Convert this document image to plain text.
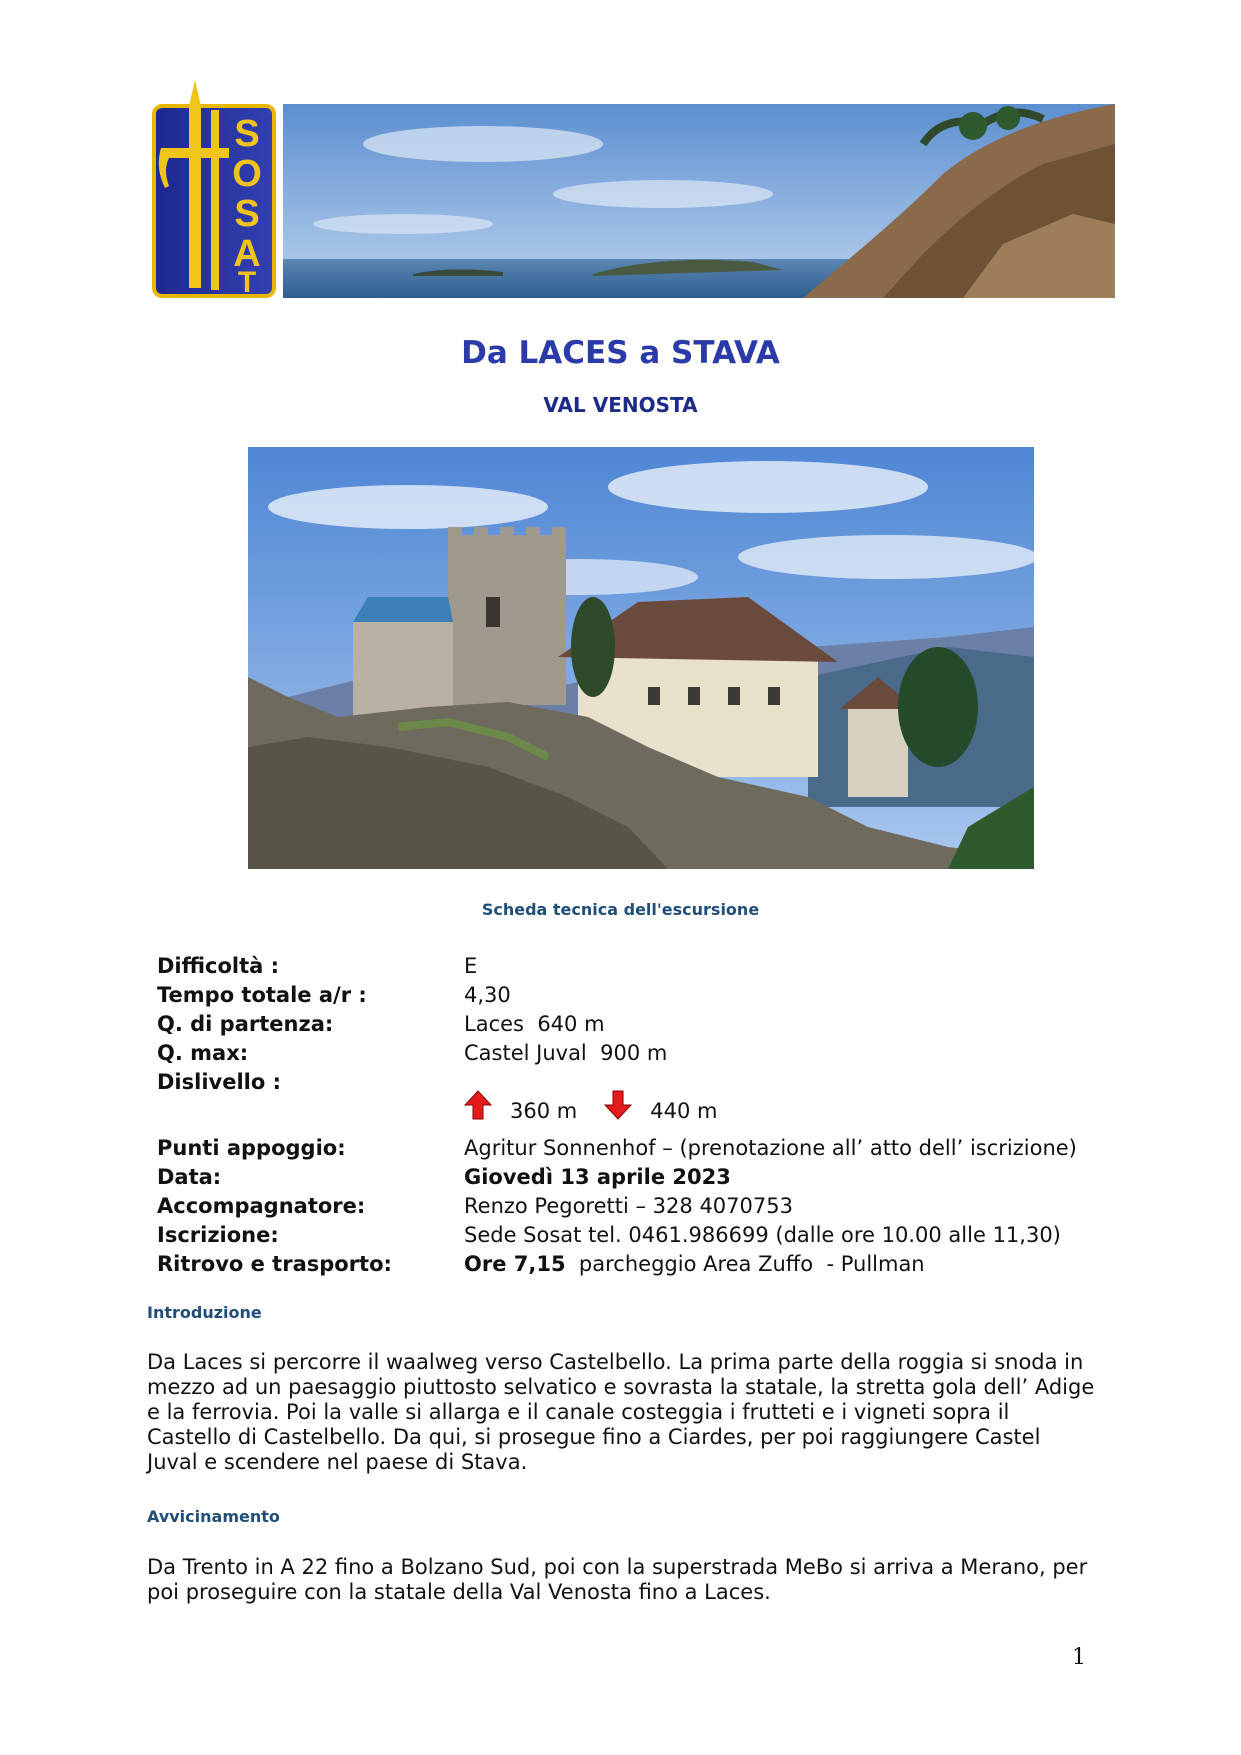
S
O
S
A
T
Da LACES a STAVA
VAL VENOSTA
Scheda tecnica dell'escursione
Difficoltà :	E
Tempo totale a/r :	4,30
Q. di partenza:	Laces  640 m
Q. max:	Castel Juval  900 m
Dislivello :
360 m	440 m
Punti appoggio:	Agritur Sonnenhof – (prenotazione all’ atto dell’ iscrizione)
Data:	Giovedì 13 aprile 2023
Accompagnatore:	Renzo Pegoretti – 328 4070753
Iscrizione:	Sede Sosat tel. 0461.986699 (dalle ore 10.00 alle 11,30)
Ritrovo e trasporto:	Ore 7,15  parcheggio Area Zuffo  - Pullman
Introduzione
Da Laces si percorre il waalweg verso Castelbello. La prima parte della roggia si snoda in mezzo ad un paesaggio piuttosto selvatico e sovrasta la statale, la stretta gola dell’ Adige e la ferrovia. Poi la valle si allarga e il canale costeggia i frutteti e i vigneti sopra il Castello di Castelbello. Da qui, si prosegue fino a Ciardes, per poi raggiungere Castel Juval e scendere nel paese di Stava.
Avvicinamento
Da Trento in A 22 fino a Bolzano Sud, poi con la superstrada MeBo si arriva a Merano, per poi proseguire con la statale della Val Venosta fino a Laces.
1
